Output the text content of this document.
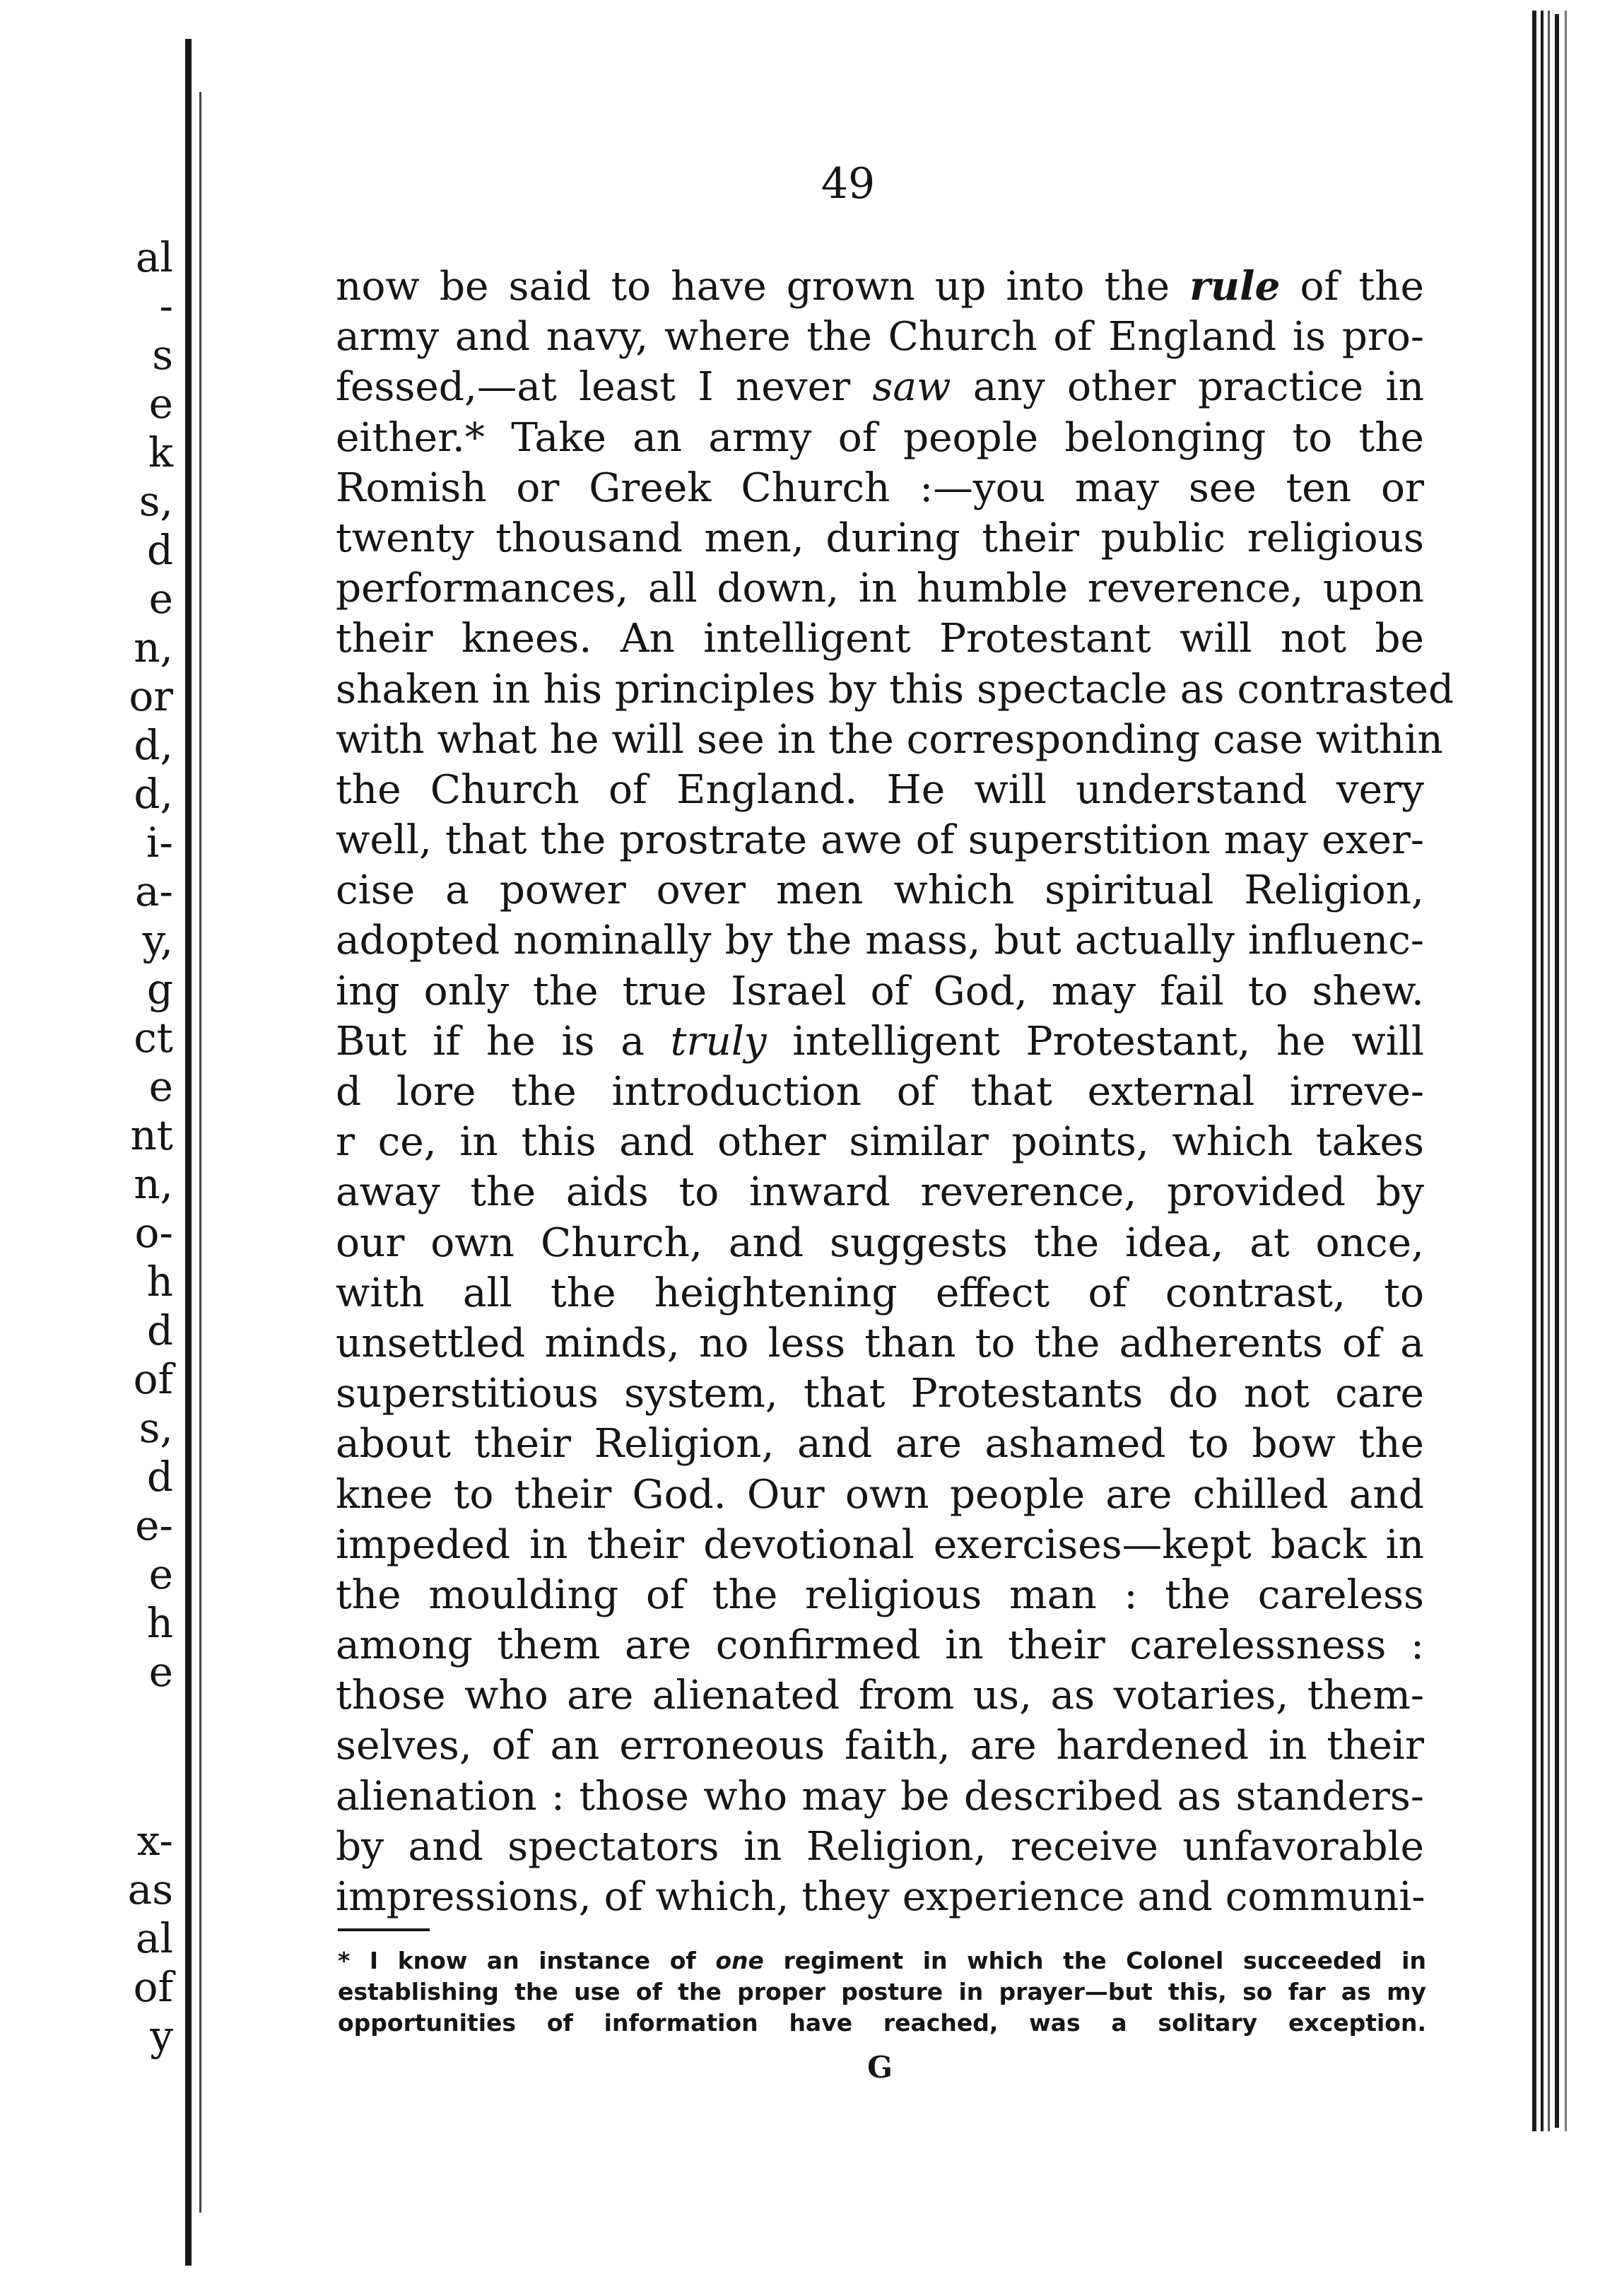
al
-
s
e
k
s,
d
e
n,
or
d,
d,
i-
a-
y,
g
ct
e
nt
n,
o-
h
d
of
s,
d
e-
e
h
e
x-
as
al
of
y
49
now be said to have grown up into the rule of the
army and navy, where the Church of England is pro-
fessed,—at least I never saw any other practice in
either.* Take an army of people belonging to the
Romish or Greek Church :—you may see ten or
twenty thousand men, during their public religious
performances, all down, in humble reverence, upon
their knees. An intelligent Protestant will not be
shaken in his principles by this spectacle as contrasted
with what he will see in the corresponding case within
the Church of England. He will understand very
well, that the prostrate awe of superstition may exer-
cise a power over men which spiritual Religion,
adopted nominally by the mass, but actually influenc-
ing only the true Israel of God, may fail to shew.
But if he is a truly intelligent Protestant, he will
d lore the introduction of that external irreve-
r ce, in this and other similar points, which takes
away the aids to inward reverence, provided by
our own Church, and suggests the idea, at once,
with all the heightening effect of contrast, to
unsettled minds, no less than to the adherents of a
superstitious system, that Protestants do not care
about their Religion, and are ashamed to bow the
knee to their God. Our own people are chilled and
impeded in their devotional exercises—kept back in
the moulding of the religious man : the careless
among them are confirmed in their carelessness :
those who are alienated from us, as votaries, them-
selves, of an erroneous faith, are hardened in their
alienation : those who may be described as standers-
by and spectators in Religion, receive unfavorable
impressions, of which, they experience and communi-
* I know an instance of one regiment in which the Colonel succeeded in
establishing the use of the proper posture in prayer—but this, so far as my
opportunities of information have reached, was a solitary exception.
G
